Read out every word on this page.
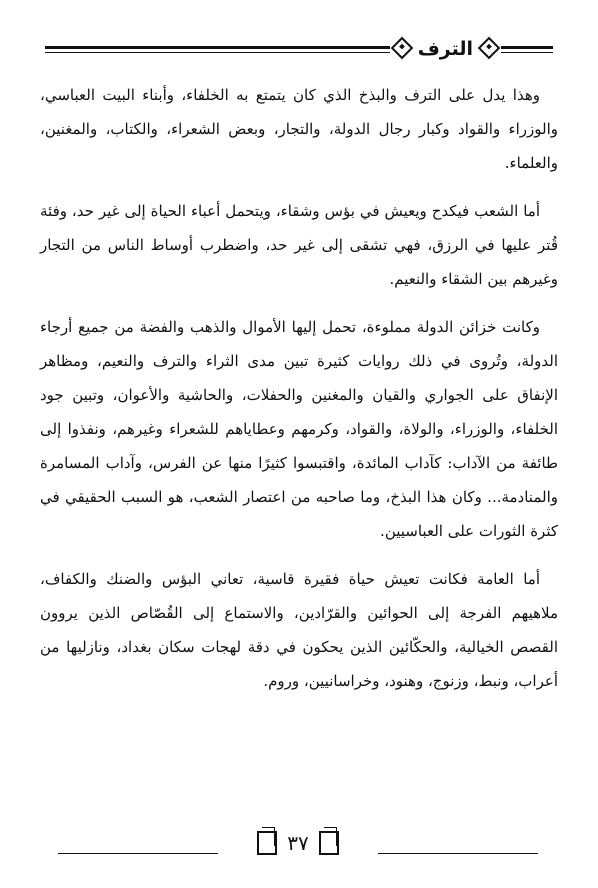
الترف

وهذا يدل على الترف والبذخ الذي كان يتمتع به الخلفاء، وأبناء البيت العباسي، والوزراء والقواد وكبار رجال الدولة، والتجار، وبعض الشعراء، والكتاب، والمغنين، والعلماء.

أما الشعب فيكدح ويعيش في بؤس وشقاء، ويتحمل أعباء الحياة إلى غير حد، وفئة قُتر عليها في الرزق، فهي تشقى إلى غير حد، واضطرب أوساط الناس من التجار وغيرهم بين الشقاء والنعيم.

وكانت خزائن الدولة مملوءة، تحمل إليها الأموال والذهب والفضة من جميع أرجاء الدولة، وتُروى في ذلك روايات كثيرة تبين مدى الثراء والترف والنعيم، ومظاهر الإنفاق على الجواري والقيان والمغنين والحفلات، والحاشية والأعوان، وتبين جود الخلفاء، والوزراء، والولاة، والقواد، وكرمهم وعطاياهم للشعراء وغيرهم، ونفذوا إلى طائفة من الآداب: كآداب المائدة، واقتبسوا كثيرًا منها عن الفرس، وآداب المسامرة والمنادمة... وكان هذا البذخ، وما صاحبه من اعتصار الشعب، هو السبب الحقيقي في كثرة الثورات على العباسيين.

أما العامة فكانت تعيش حياة فقيرة قاسية، تعاني البؤس والضنك والكفاف، ملاهيهم الفرجة إلى الحوائين والقرّادين، والاستماع إلى القُصّاص الذين يروون القصص الخيالية، والحكّائين الذين يحكون في دقة لهجات سكان بغداد، ونازليها من أعراب، ونبط، وزنوج، وهنود، وخراسانيين، وروم.

٣٧
